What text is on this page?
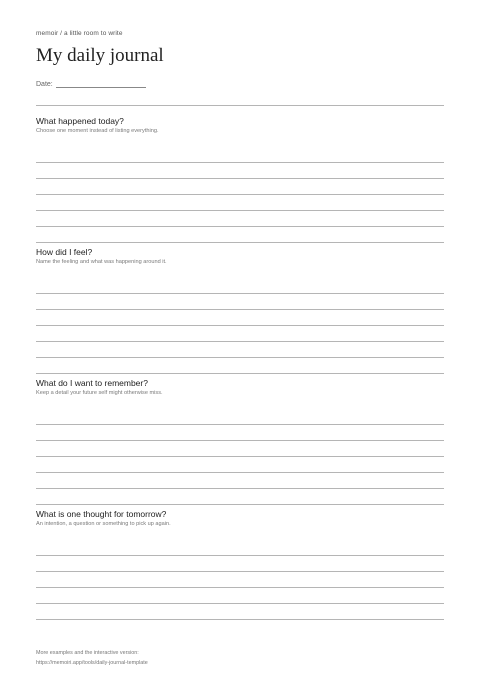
memoir / a little room to write
My daily journal
Date:
What happened today?
Choose one moment instead of listing everything.
How did I feel?
Name the feeling and what was happening around it.
What do I want to remember?
Keep a detail your future self might otherwise miss.
What is one thought for tomorrow?
An intention, a question or something to pick up again.
More examples and the interactive version:
https://memoiri.app/tools/daily-journal-template
